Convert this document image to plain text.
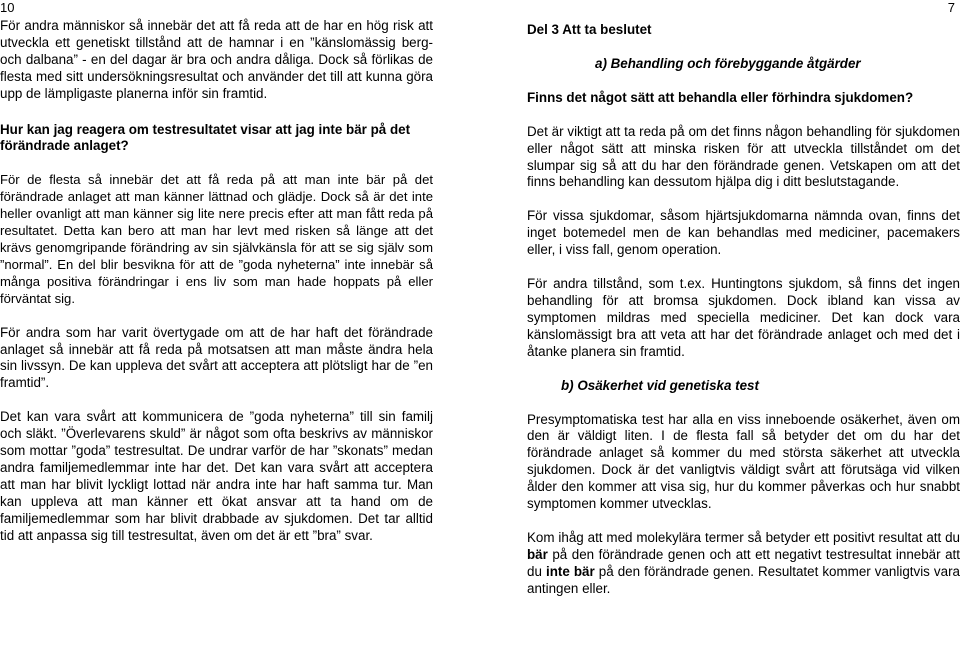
10	7

För andra människor så innebär det att få reda att de har en hög risk att utveckla ett genetiskt tillstånd att de hamnar i en ”känslomässig berg- och dalbana” - en del dagar är bra och andra dåliga. Dock så förlikas de flesta med sitt undersökningsresultat och använder det till att kunna göra upp de lämpligaste planerna inför sin framtid.

Hur kan jag reagera om testresultatet visar att jag inte bär på det förändrade anlaget?

För de flesta så innebär det att få reda på att man inte bär på det förändrade anlaget att man känner lättnad och glädje. Dock så är det inte heller ovanligt att man känner sig lite nere precis efter att man fått reda på resultatet. Detta kan bero att man har levt med risken så länge att det krävs genomgripande förändring av sin självkänsla för att se sig själv som ”normal”. En del blir besvikna för att de ”goda nyheterna” inte innebär så många positiva förändringar i ens liv som man hade hoppats på eller förväntat sig.

För andra som har varit övertygade om att de har haft det förändrade anlaget så innebär att få reda på motsatsen att man måste ändra hela sin livssyn. De kan uppleva det svårt att acceptera att plötsligt har de ”en framtid”.

Det kan vara svårt att kommunicera de ”goda nyheterna” till sin familj och släkt. ”Överlevarens skuld” är något som ofta beskrivs av människor som mottar ”goda” testresultat. De undrar varför de har ”skonats” medan andra familjemedlemmar inte har det. Det kan vara svårt att acceptera att man har blivit lyckligt lottad när andra inte har haft samma tur. Man kan uppleva att man känner ett ökat ansvar att ta hand om de familjemedlemmar som har blivit drabbade av sjukdomen. Det tar alltid tid att anpassa sig till testresultat, även om det är ett ”bra” svar.

Del 3 Att ta beslutet

a) Behandling och förebyggande åtgärder

Finns det något sätt att behandla eller förhindra sjukdomen?

Det är viktigt att ta reda på om det finns någon behandling för sjukdomen eller något sätt att minska risken för att utveckla tillståndet om det slumpar sig så att du har den förändrade genen. Vetskapen om att det finns behandling kan dessutom hjälpa dig i ditt beslutstagande.

För vissa sjukdomar, såsom hjärtsjukdomarna nämnda ovan, finns det inget botemedel men de kan behandlas med mediciner, pacemakers eller, i viss fall, genom operation.

För andra tillstånd, som t.ex. Huntingtons sjukdom, så finns det ingen behandling för att bromsa sjukdomen. Dock ibland kan vissa av symptomen mildras med speciella mediciner. Det kan dock vara känslomässigt bra att veta att har det förändrade anlaget och med det i åtanke planera sin framtid.

b) Osäkerhet vid genetiska test

Presymptomatiska test har alla en viss inneboende osäkerhet, även om den är väldigt liten. I de flesta fall så betyder det om du har det förändrade anlaget så kommer du med största säkerhet att utveckla sjukdomen. Dock är det vanligtvis väldigt svårt att förutsäga vid vilken ålder den kommer att visa sig, hur du kommer påverkas och hur snabbt symptomen kommer utvecklas.

Kom ihåg att med molekylära termer så betyder ett positivt resultat att du bär på den förändrade genen och att ett negativt testresultat innebär att du inte bär på den förändrade genen. Resultatet kommer vanligtvis vara antingen eller.
